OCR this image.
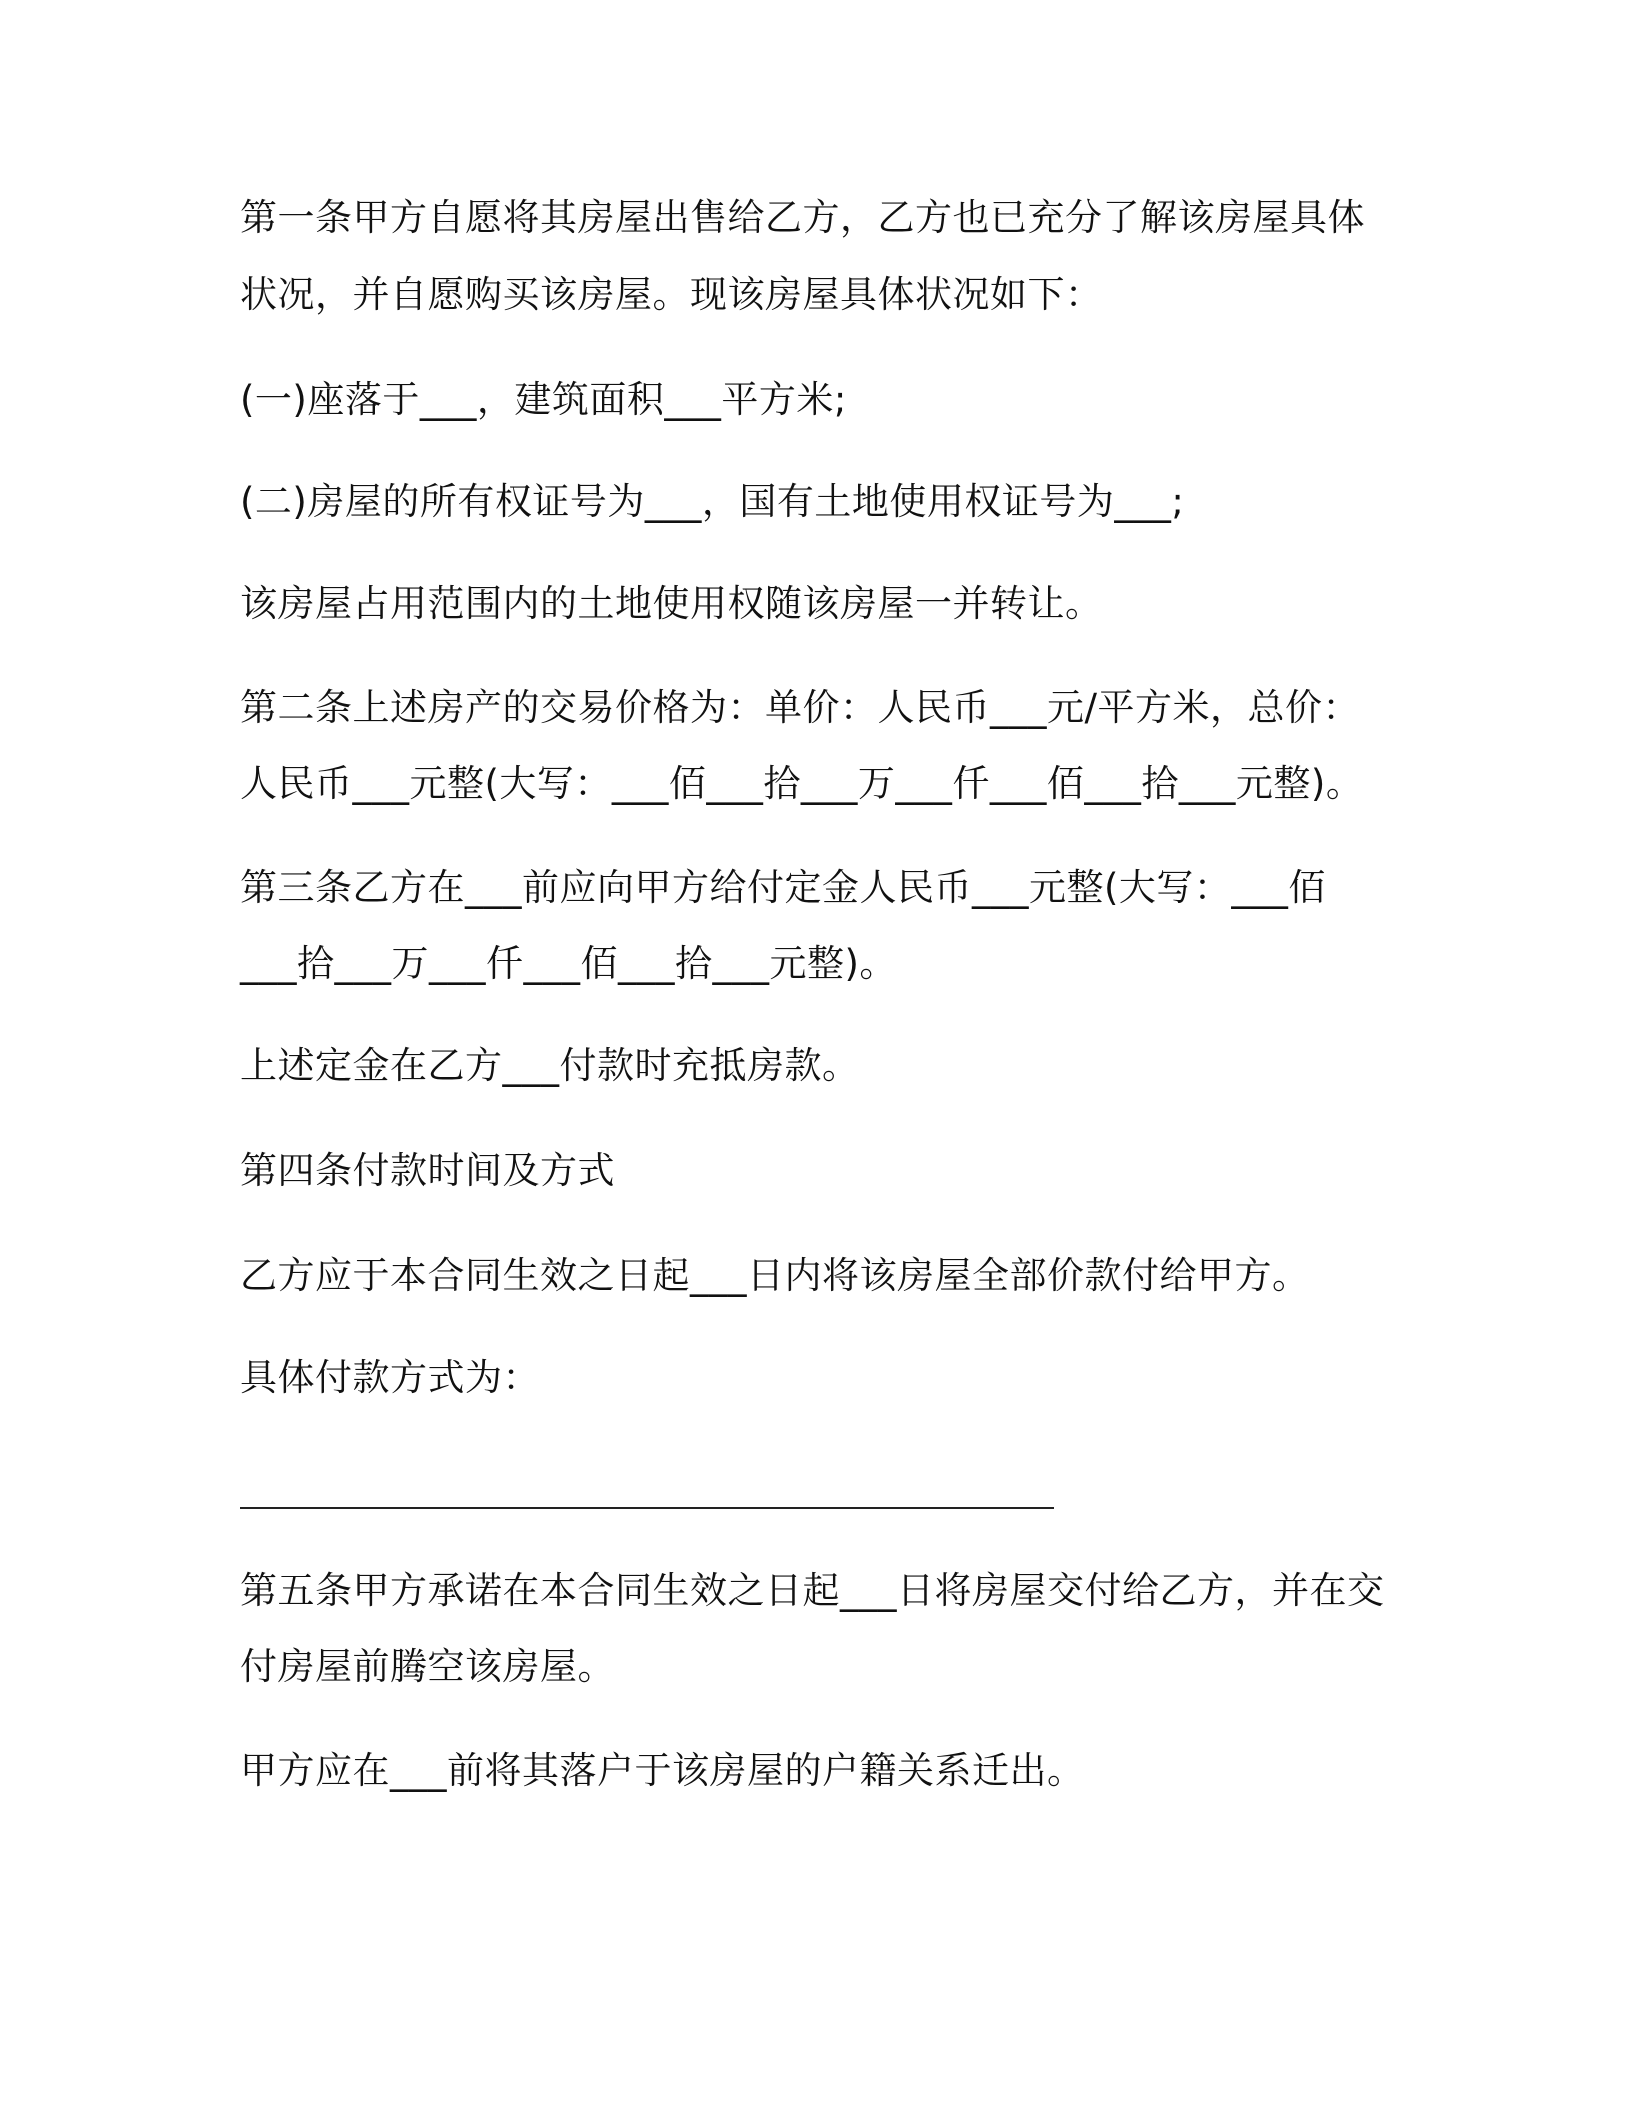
第一条甲方自愿将其房屋出售给乙方，乙方也已充分了解该房屋具体
状况，并自愿购买该房屋。现该房屋具体状况如下：
(一)座落于___，建筑面积___平方米;
(二)房屋的所有权证号为___，国有土地使用权证号为___;
该房屋占用范围内的土地使用权随该房屋一并转让。
第二条上述房产的交易价格为：单价：人民币___元/平方米，总价：
人民币___元整(大写：___佰___拾___万___仟___佰___拾___元整)。
第三条乙方在___前应向甲方给付定金人民币___元整(大写：___佰
___拾___万___仟___佰___拾___元整)。
上述定金在乙方___付款时充抵房款。
第四条付款时间及方式
乙方应于本合同生效之日起___日内将该房屋全部价款付给甲方。
具体付款方式为：
第五条甲方承诺在本合同生效之日起___日将房屋交付给乙方，并在交
付房屋前腾空该房屋。
甲方应在___前将其落户于该房屋的户籍关系迁出。
